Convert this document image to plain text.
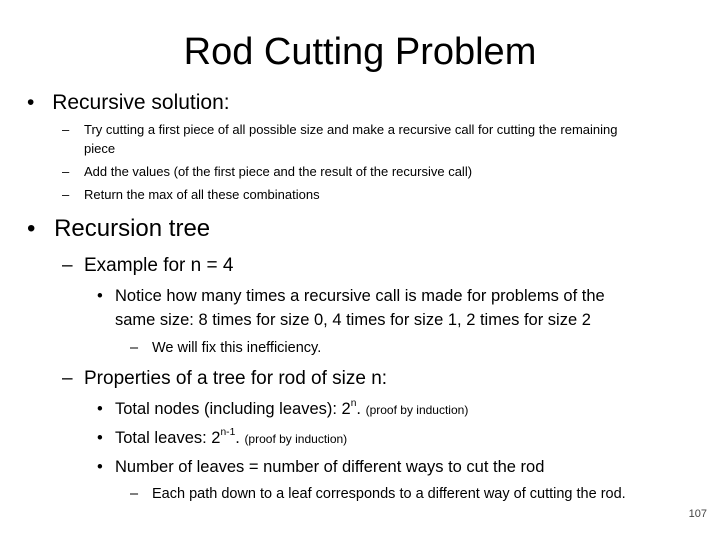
Rod Cutting Problem
• Recursive solution:
– Try cutting a first piece of all possible size and make a recursive call for cutting the remaining
piece
– Add the values (of the first piece and the result of the recursive call)
– Return the max of all these combinations
• Recursion tree
– Example for n = 4
• Notice how many times a recursive call is made for problems of the
same size: 8 times for size 0, 4 times for size 1, 2 times for size 2
– We will fix this inefficiency.
– Properties of a tree for rod of size n:
• Total nodes (including leaves): 2$^n$. (proof by induction)
• Total leaves: 2$^{n-1}$. (proof by induction)
• Number of leaves = number of different ways to cut the rod
– Each path down to a leaf corresponds to a different way of cutting the rod.
107
